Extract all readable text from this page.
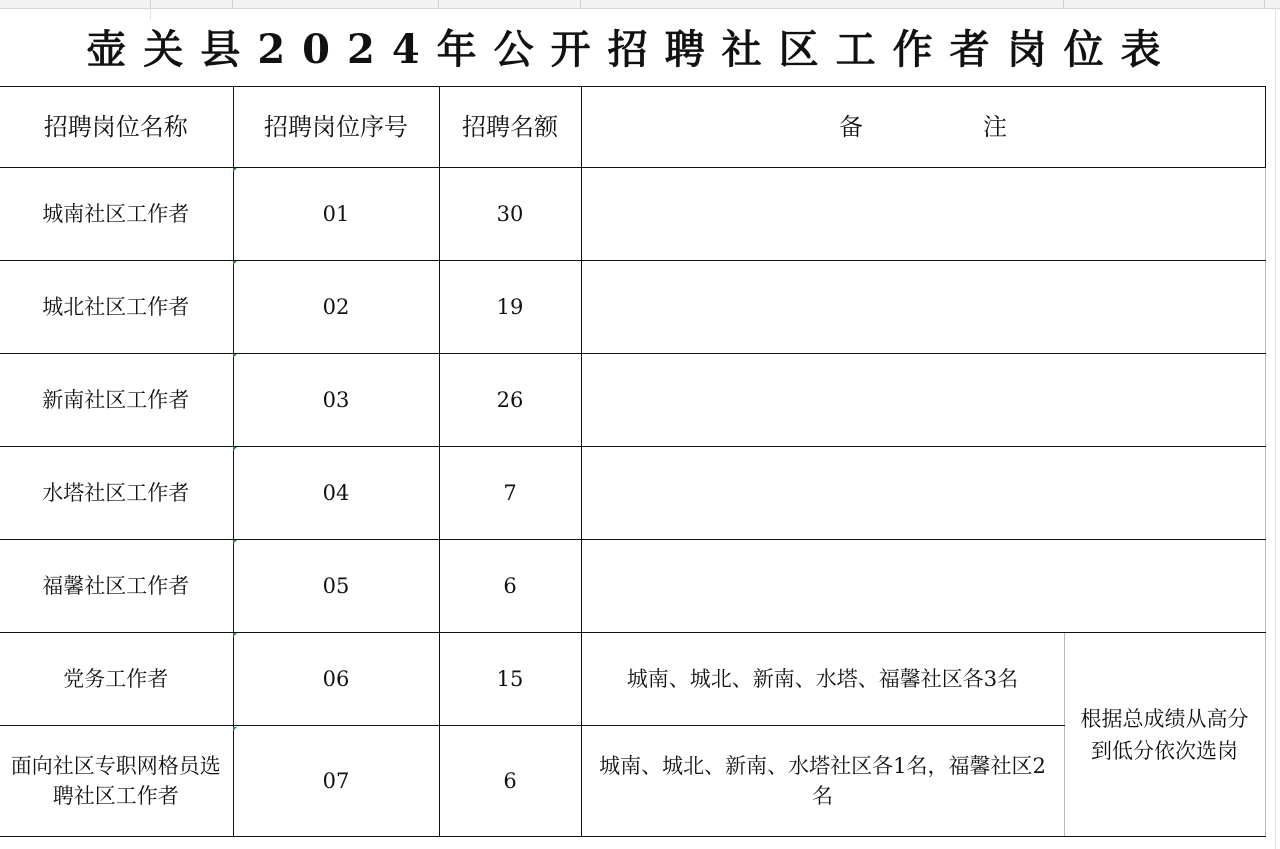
壶关县2024年公开招聘社区工作者岗位表
招聘岗位名称	招聘岗位序号	招聘名额	备 注	
城南社区工作者	01	30		
城北社区工作者	02	19		
新南社区工作者	03	26		
水塔社区工作者	04	7		
福馨社区工作者	05	6		
党务工作者	06	15	城南、城北、新南、水塔、福馨社区各3名	根据总成绩从高分到低分依次选岗
面向社区专职网格员选聘社区工作者	07	6	城南、城北、新南、水塔社区各1名，福馨社区2名	
